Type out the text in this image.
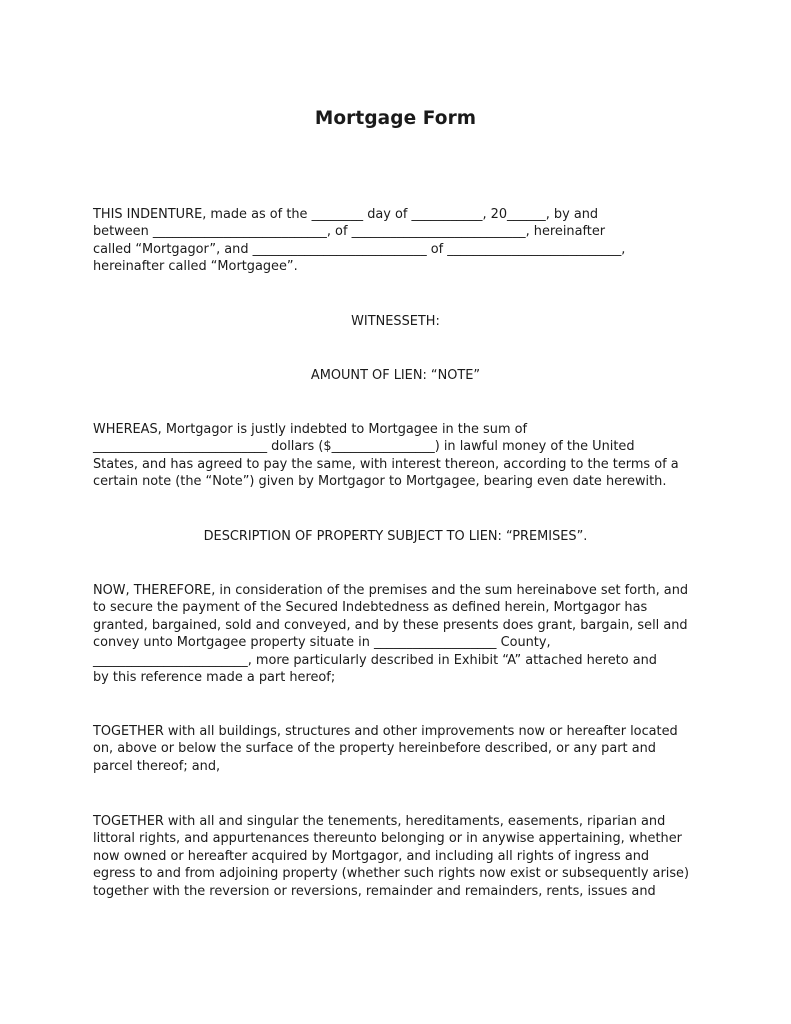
Mortgage Form
THIS INDENTURE, made as of the ________ day of ___________, 20______, by and
between ___________________________, of ___________________________, hereinafter
called “Mortgagor”, and ___________________________ of ___________________________,
hereinafter called “Mortgagee”.
WITNESSETH:
AMOUNT OF LIEN: “NOTE”
WHEREAS, Mortgagor is justly indebted to Mortgagee in the sum of
___________________________ dollars ($________________) in lawful money of the United
States, and has agreed to pay the same, with interest thereon, according to the terms of a
certain note (the “Note”) given by Mortgagor to Mortgagee, bearing even date herewith.
DESCRIPTION OF PROPERTY SUBJECT TO LIEN: “PREMISES”.
NOW, THEREFORE, in consideration of the premises and the sum hereinabove set forth, and
to secure the payment of the Secured Indebtedness as defined herein, Mortgagor has
granted, bargained, sold and conveyed, and by these presents does grant, bargain, sell and
convey unto Mortgagee property situate in ___________________ County,
________________________, more particularly described in Exhibit “A” attached hereto and
by this reference made a part hereof;
TOGETHER with all buildings, structures and other improvements now or hereafter located
on, above or below the surface of the property hereinbefore described, or any part and
parcel thereof; and,
TOGETHER with all and singular the tenements, hereditaments, easements, riparian and
littoral rights, and appurtenances thereunto belonging or in anywise appertaining, whether
now owned or hereafter acquired by Mortgagor, and including all rights of ingress and
egress to and from adjoining property (whether such rights now exist or subsequently arise)
together with the reversion or reversions, remainder and remainders, rents, issues and
